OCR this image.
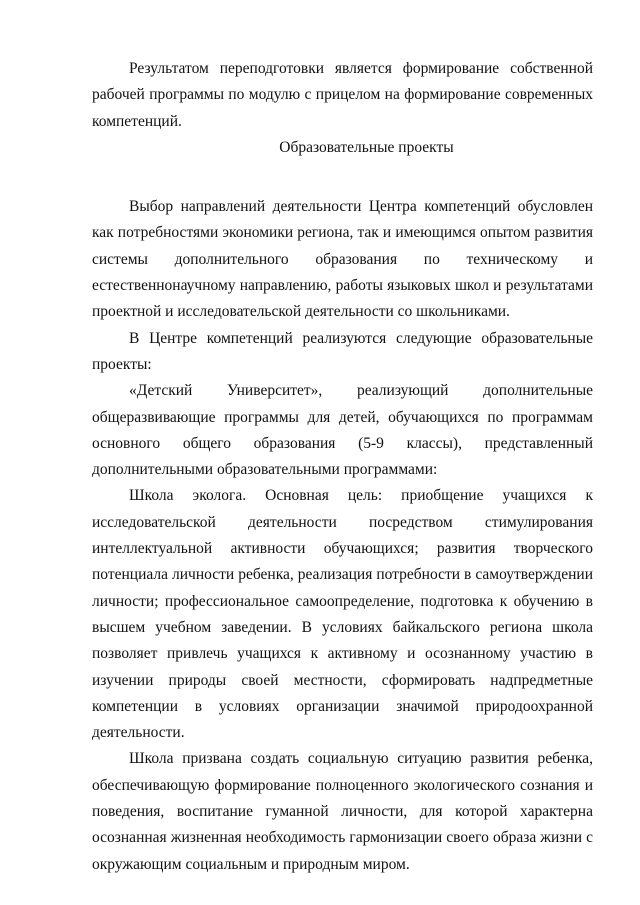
Результатом переподготовки является формирование собственной рабочей программы по модулю с прицелом на формирование современных компетенций.

Образовательные проекты

Выбор направлений деятельности Центра компетенций обусловлен как потребностями экономики региона, так и имеющимся опытом развития системы дополнительного образования по техническому и естественнонаучному направлению, работы языковых школ и результатами проектной и исследовательской деятельности со школьниками.

В Центре компетенций реализуются следующие образовательные проекты:

«Детский Университет», реализующий дополнительные общеразвивающие программы для детей, обучающихся по программам основного общего образования (5-9 классы), представленный дополнительными образовательными программами:

Школа эколога. Основная цель: приобщение учащихся к исследовательской деятельности посредством стимулирования интеллектуальной активности обучающихся; развития творческого потенциала личности ребенка, реализация потребности в самоутверждении личности; профессиональное самоопределение, подготовка к обучению в высшем учебном заведении. В условиях байкальского региона школа позволяет привлечь учащихся к активному и осознанному участию в изучении природы своей местности, сформировать надпредметные компетенции в условиях организации значимой природоохранной деятельности.

Школа призвана создать социальную ситуацию развития ребенка, обеспечивающую формирование полноценного экологического сознания и поведения, воспитание гуманной личности, для которой характерна осознанная жизненная необходимость гармонизации своего образа жизни с окружающим социальным и природным миром.
